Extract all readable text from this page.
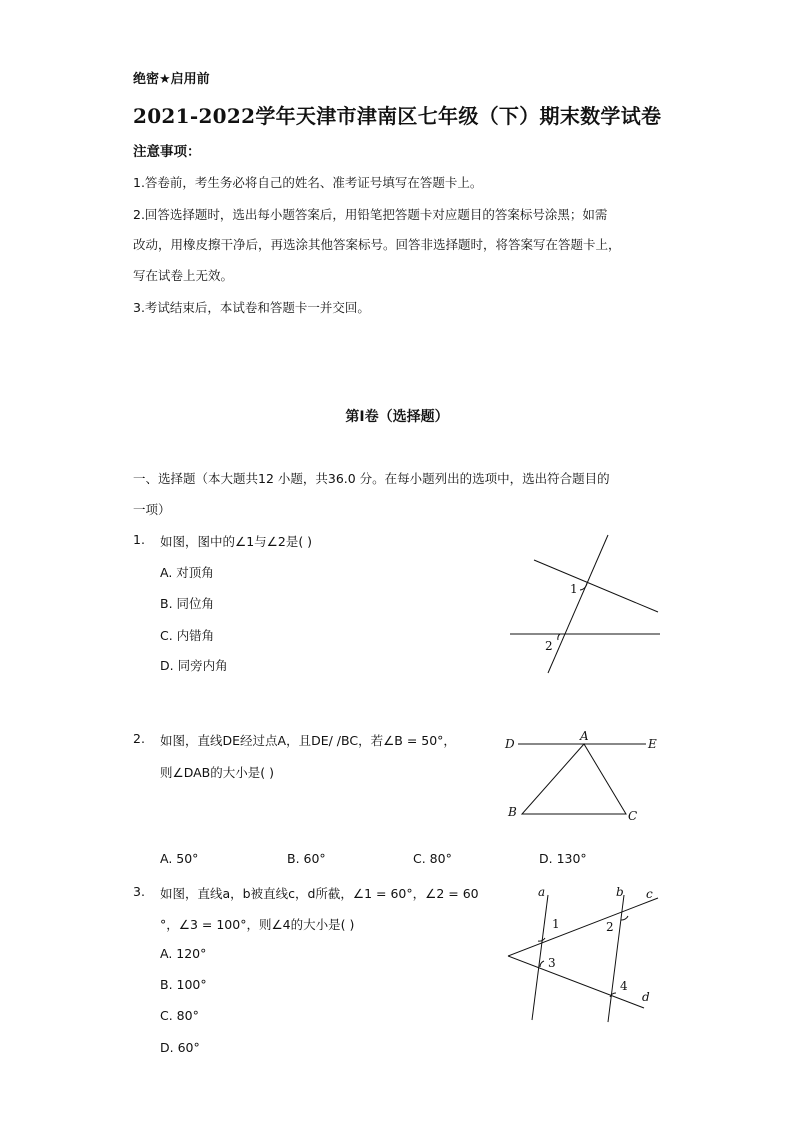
绝密★启用前
2021-2022学年天津市津南区七年级（下）期末数学试卷
注意事项：
1.答卷前，考生务必将自己的姓名、准考证号填写在答题卡上。
2.回答选择题时，选出每小题答案后，用铅笔把答题卡对应题目的答案标号涂黑；如需
改动，用橡皮擦干净后，再选涂其他答案标号。回答非选择题时，将答案写在答题卡上，
写在试卷上无效。
3.考试结束后，本试卷和答题卡一并交回。
第I卷（选择题）
一、选择题（本大题共12 小题，共36.0 分。在每小题列出的选项中，选出符合题目的
一项）
1. 如图，图中的∠1与∠2是( )
A. 对顶角
B. 同位角
C. 内错角
D. 同旁内角
1
2
2. 如图，直线DE经过点A，且DE/ /BC，若∠B = 50°，
则∠DAB的大小是( )
D
A
E
B	C
A. 50°	B. 60°	C. 80°	D. 130°
3. 如图，直线a，b被直线c，d所截，∠1 = 60°，∠2 = 60
°，∠3 = 100°，则∠4的大小是( )
A. 120°
B. 100°
C. 80°
D. 60°
a	b c
1	2
3
4
d
